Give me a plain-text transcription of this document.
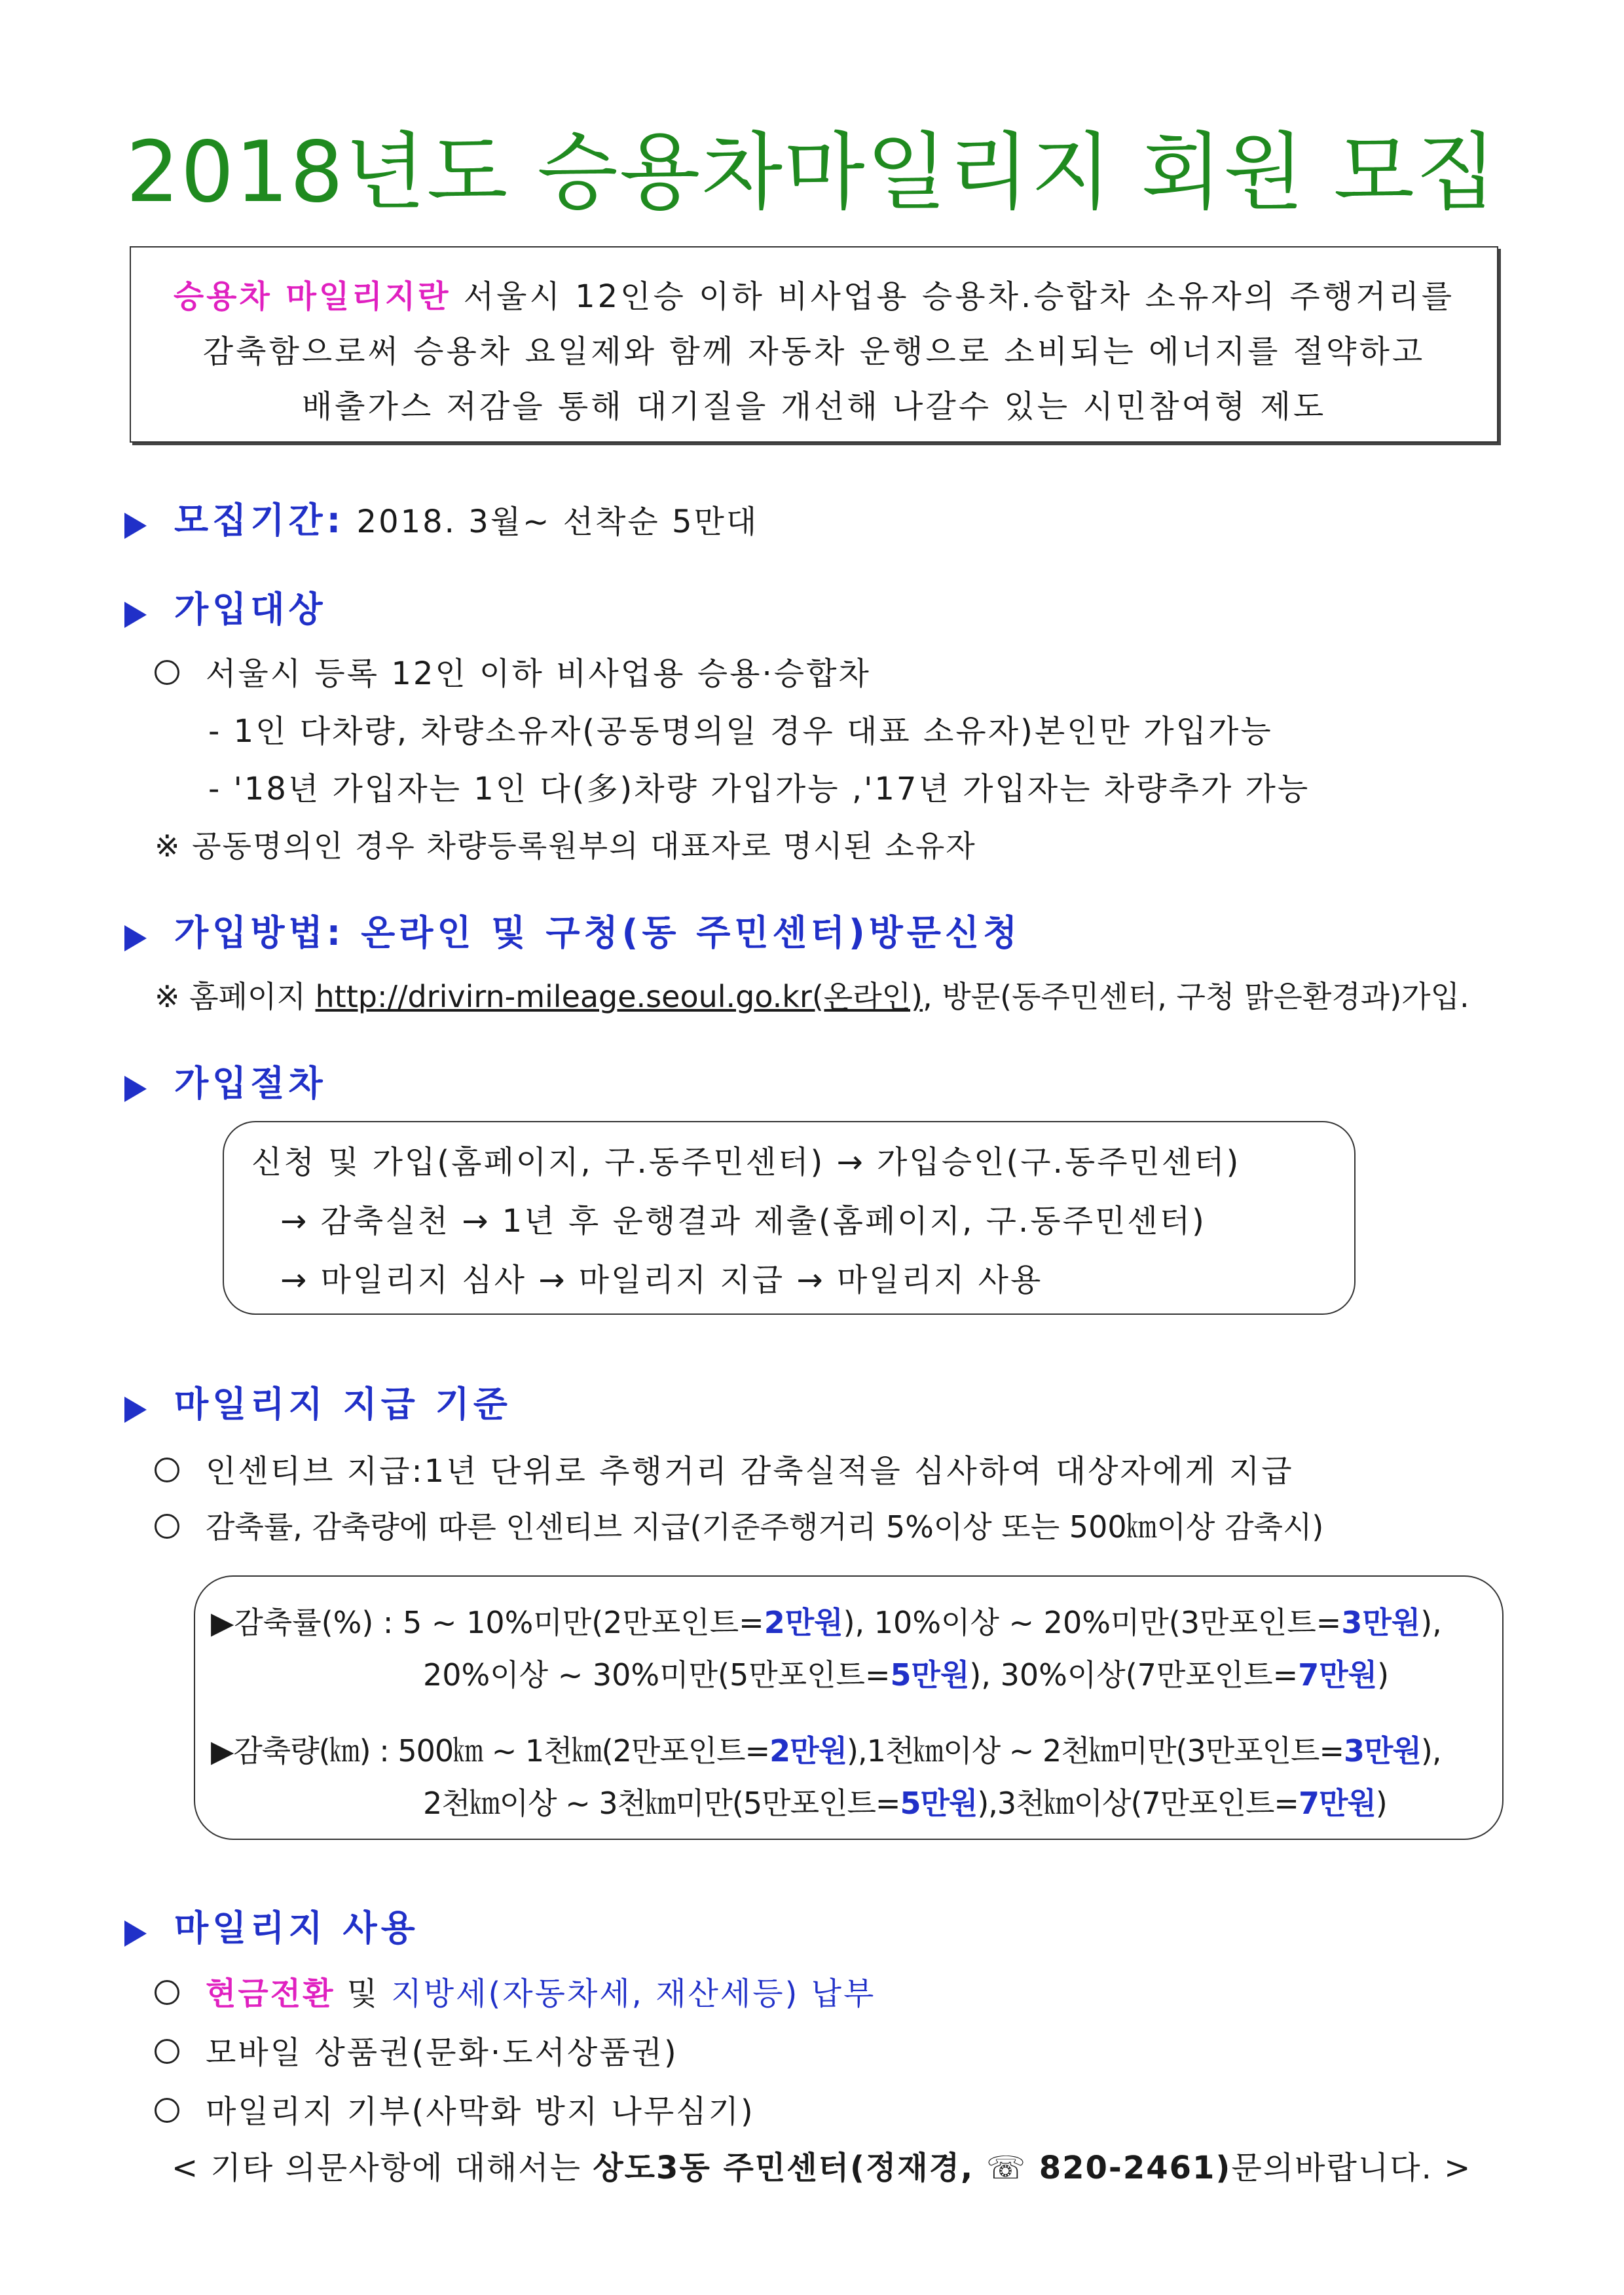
2018년도 승용차마일리지 회원 모집
승용차 마일리지란 서울시 12인승 이하 비사업용 승용차.승합차 소유자의 주행거리를
감축함으로써 승용차 요일제와 함께 자동차 운행으로 소비되는 에너지를 절약하고
배출가스 저감을 통해 대기질을 개선해 나갈수 있는 시민참여형 제도
모집기간: 2018. 3월~ 선착순 5만대
가입대상
서울시 등록 12인 이하 비사업용 승용·승합차
- 1인 다차량, 차량소유자(공동명의일 경우 대표 소유자)본인만 가입가능
- '18년 가입자는 1인 다(多)차량 가입가능 ,'17년 가입자는 차량추가 가능
※ 공동명의인 경우 차량등록원부의 대표자로 명시된 소유자
가입방법: 온라인 및 구청(동 주민센터)방문신청
※ 홈페이지 http://drivirn-mileage.seoul.go.kr(온라인), 방문(동주민센터, 구청 맑은환경과)가입.
가입절차
신청 및 가입(홈페이지, 구.동주민센터) → 가입승인(구.동주민센터)
→ 감축실천 → 1년 후 운행결과 제출(홈페이지, 구.동주민센터)
→ 마일리지 심사 → 마일리지 지급 → 마일리지 사용
마일리지 지급 기준
인센티브 지급:1년 단위로 추행거리 감축실적을 심사하여 대상자에게 지급
감축률, 감축량에 따른 인센티브 지급(기준주행거리 5%이상 또는 500㎞이상 감축시)
▶감축률(%) : 5 ~ 10%미만(2만포인트=2만원), 10%이상 ~ 20%미만(3만포인트=3만원),
20%이상 ~ 30%미만(5만포인트=5만원), 30%이상(7만포인트=7만원)
▶감축량(㎞) : 500㎞ ~ 1천㎞(2만포인트=2만원),1천㎞이상 ~ 2천㎞미만(3만포인트=3만원),
2천㎞이상 ~ 3천㎞미만(5만포인트=5만원),3천㎞이상(7만포인트=7만원)
마일리지 사용
현금전환 및 지방세(자동차세, 재산세등) 납부
모바일 상품권(문화·도서상품권)
마일리지 기부(사막화 방지 나무심기)
< 기타 의문사항에 대해서는 상도3동 주민센터(정재경, ☏ 820-2461)문의바랍니다. >
